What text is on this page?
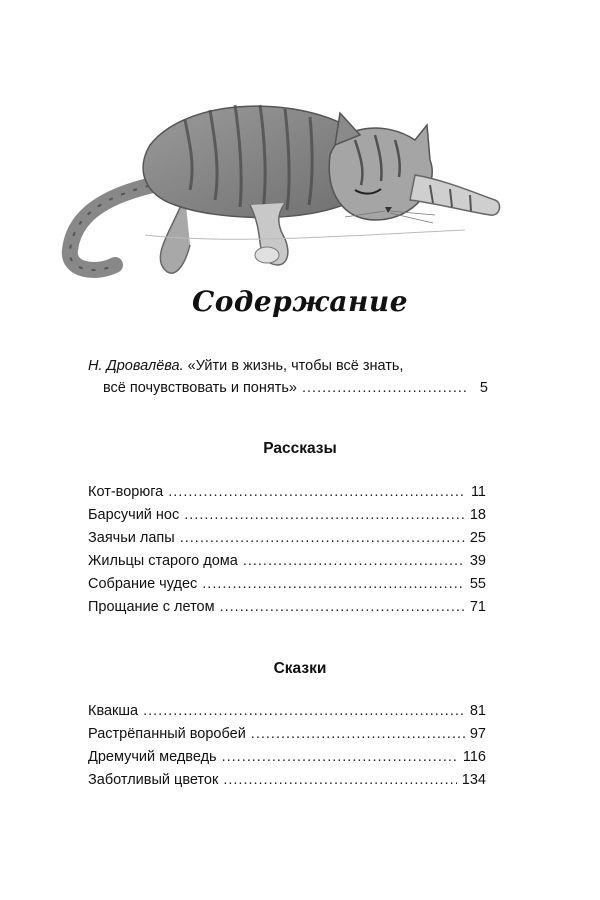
Содержание
Н. Дровалёва. «Уйти в жизнь, чтобы всё знать,
всё почувствовать и понять» .....	5
Рассказы
Кот-ворюга .....	11
Барсучий нос .....	18
Заячьи лапы .....	25
Жильцы старого дома .....	39
Собрание чудес .....	55
Прощание с летом .....	71
Сказки
Квакша .....	81
Растрёпанный воробей .....	97
Дремучий медведь .....	116
Заботливый цветок .....	134
